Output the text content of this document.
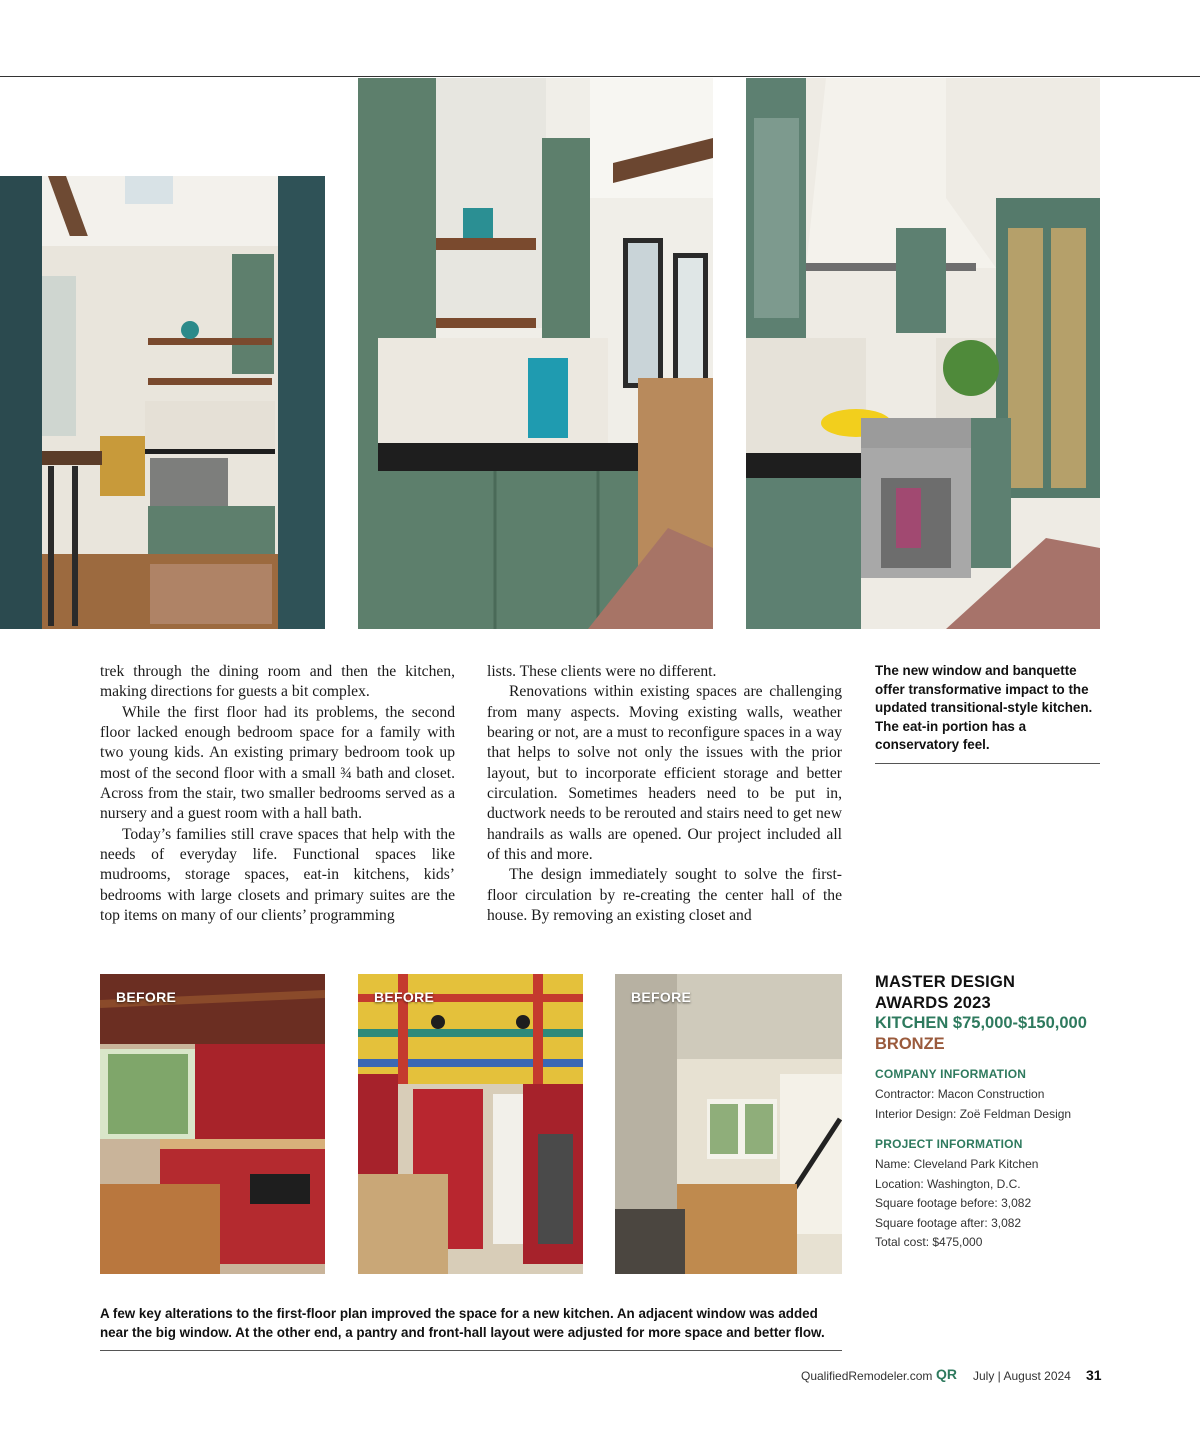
trek through the dining room and then the kitchen, making directions for guests a bit complex.

While the first floor had its problems, the second floor lacked enough bedroom space for a family with two young kids. An existing primary bedroom took up most of the second floor with a small ¾ bath and closet. Across from the stair, two smaller bedrooms served as a nursery and a guest room with a hall bath.

Today’s families still crave spaces that help with the needs of everyday life. Functional spaces like mudrooms, storage spaces, eat-in kitchens, kids’ bedrooms with large closets and primary suites are the top items on many of our clients’ programming

lists. These clients were no different.

Renovations within existing spaces are challenging from many aspects. Moving existing walls, weather bearing or not, are a must to reconfigure spaces in a way that helps to solve not only the issues with the prior layout, but to incorporate efficient storage and better circulation. Sometimes headers need to be put in, ductwork needs to be rerouted and stairs need to get new handrails as walls are opened. Our project included all of this and more.

The design immediately sought to solve the first-floor circulation by re-creating the center hall of the house. By removing an existing closet and

The new window and banquette offer transformative impact to the updated transitional-style kitchen. The eat-in portion has a conservatory feel.
BEFORE	BEFORE	BEFORE
A few key alterations to the first-floor plan improved the space for a new kitchen. An adjacent window was added near the big window. At the other end, a pantry and front-hall layout were adjusted for more space and better flow.
MASTER DESIGN
AWARDS 2023
KITCHEN $75,000-$150,000
BRONZE
COMPANY INFORMATION
Contractor: Macon Construction
Interior Design: Zoë Feldman Design
PROJECT INFORMATION
Name: Cleveland Park Kitchen
Location: Washington, D.C.
Square footage before: 3,082
Square footage after: 3,082
Total cost: $475,000
QualifiedRemodeler.com QR July | August 2024 31
